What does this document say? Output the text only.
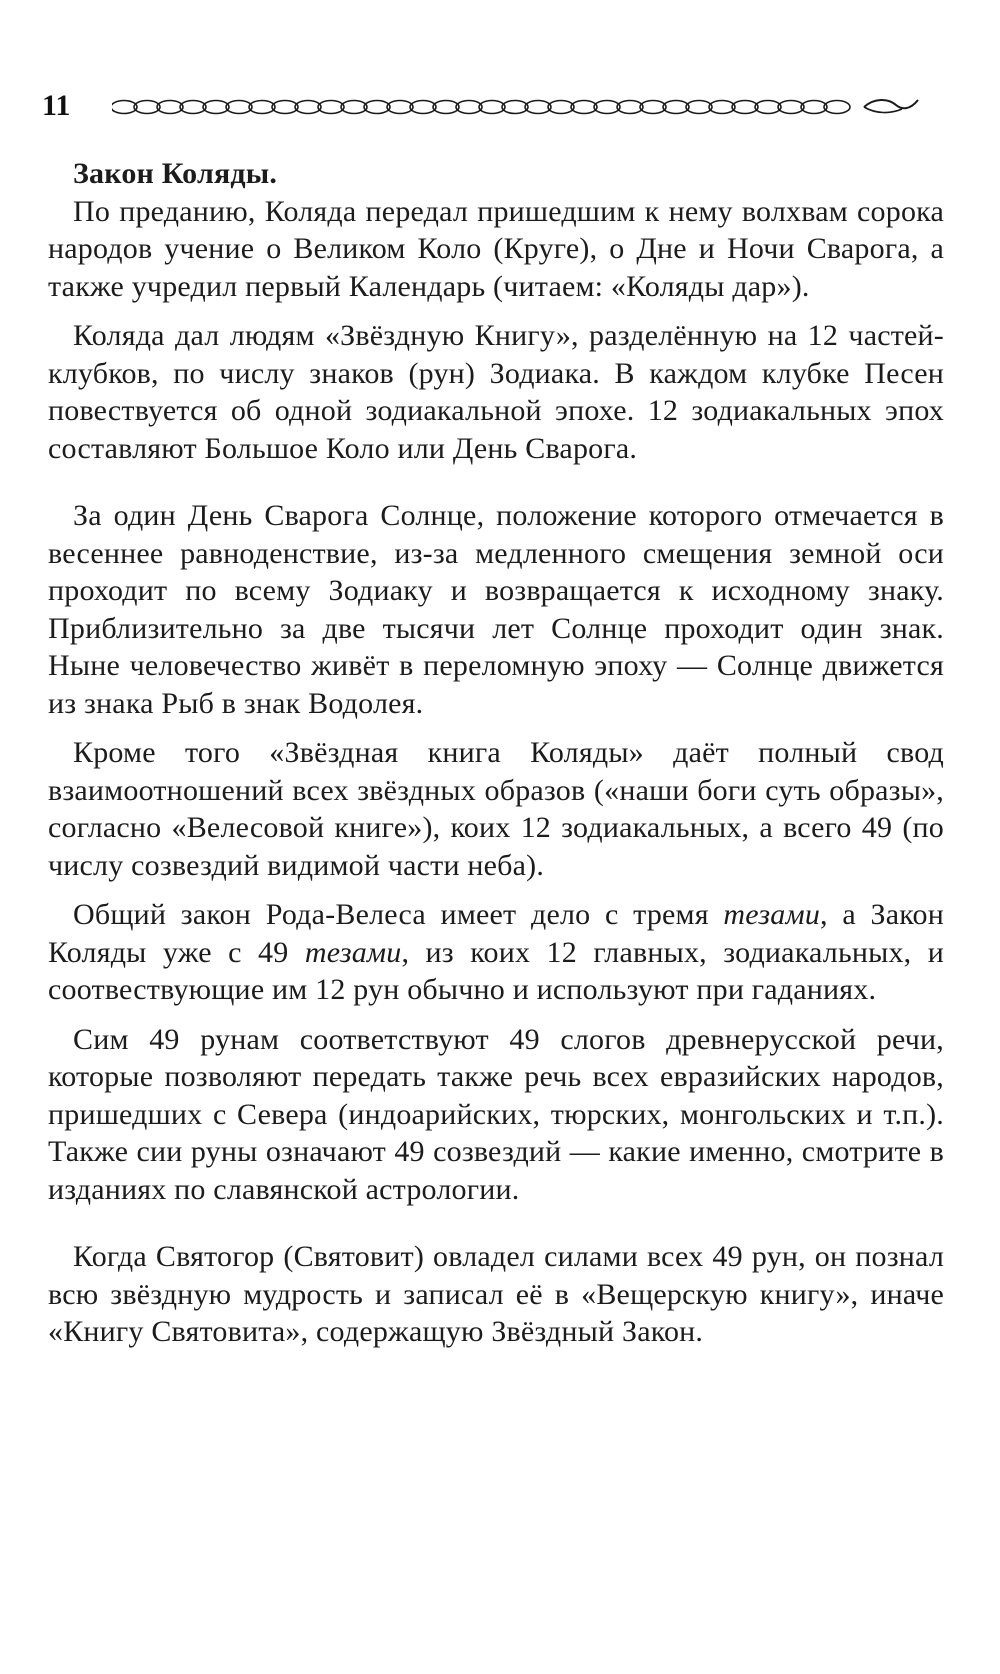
11

Закон Коляды.

По преданию, Коляда передал пришедшим к нему волхвам сорока народов учение о Великом Коло (Круге), о Дне и Ночи Сварога, а также учредил первый Календарь (читаем: «Коляды дар»).

Коляда дал людям «Звёздную Книгу», разделённую на 12 частей-клубков, по числу знаков (рун) Зодиака. В каждом клубке Песен повествуется об одной зодиакальной эпохе. 12 зодиакальных эпох составляют Большое Коло или День Сварога.

За один День Сварога Солнце, положение которого отмечается в весеннее равноденствие, из-за медленного смещения земной оси проходит по всему Зодиаку и возвращается к исходному знаку. Приблизительно за две тысячи лет Солнце проходит один знак. Ныне человечество живёт в переломную эпоху — Солнце движется из знака Рыб в знак Водолея.

Кроме того «Звёздная книга Коляды» даёт полный свод взаимоотношений всех звёздных образов («наши боги суть образы», согласно «Велесовой книге»), коих 12 зодиакальных, а всего 49 (по числу созвездий видимой части неба).

Общий закон Рода-Велеса имеет дело с тремя тезами, а Закон Коляды уже с 49 тезами, из коих 12 главных, зодиакальных, и соотвествующие им 12 рун обычно и используют при гаданиях.

Сим 49 рунам соответствуют 49 слогов древнерусской речи, которые позволяют передать также речь всех евразийских народов, пришедших с Севера (индоарийских, тюрских, монгольских и т.п.). Также сии руны означают 49 созвездий — какие именно, смотрите в изданиях по славянской астрологии.

Когда Святогор (Святовит) овладел силами всех 49 рун, он познал всю звёздную мудрость и записал её в «Вещерскую книгу», иначе «Книгу Святовита», содержащую Звёздный Закон.
